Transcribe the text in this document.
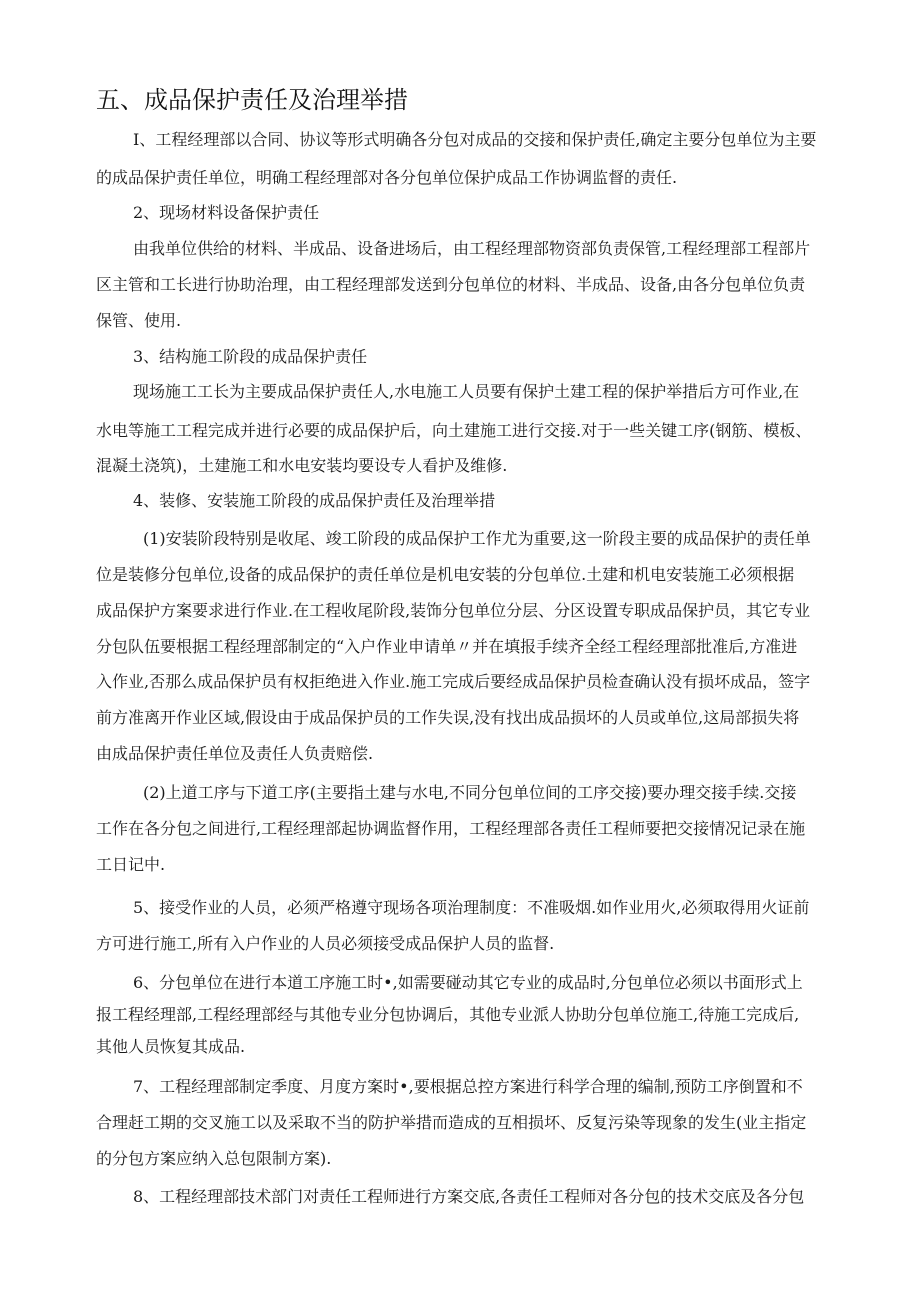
五、成品保护责任及治理举措
I、工程经理部以合同、协议等形式明确各分包对成品的交接和保护责任,确定主要分包单位为主要
的成品保护责任单位，明确工程经理部对各分包单位保护成品工作协调监督的责任.
2、现场材料设备保护责任
由我单位供给的材料、半成品、设备进场后，由工程经理部物资部负责保管,工程经理部工程部片
区主管和工长进行协助治理，由工程经理部发送到分包单位的材料、半成品、设备,由各分包单位负责
保管、使用.
3、结构施工阶段的成品保护责任
现场施工工长为主要成品保护责任人,水电施工人员要有保护土建工程的保护举措后方可作业,在
水电等施工工程完成并进行必要的成品保护后，向土建施工进行交接.对于一些关键工序(钢筋、模板、
混凝土浇筑)，土建施工和水电安装均要设专人看护及维修.
4、装修、安装施工阶段的成品保护责任及治理举措
(1)安装阶段特别是收尾、竣工阶段的成品保护工作尤为重要,这一阶段主要的成品保护的责任单
位是装修分包单位,设备的成品保护的责任单位是机电安装的分包单位.土建和机电安装施工必须根据
成品保护方案要求进行作业.在工程收尾阶段,装饰分包单位分层、分区设置专职成品保护员，其它专业
分包队伍要根据工程经理部制定的“入户作业申请单〃并在填报手续齐全经工程经理部批准后,方准进
入作业,否那么成品保护员有权拒绝进入作业.施工完成后要经成品保护员检查确认没有损坏成品，签字
前方准离开作业区域,假设由于成品保护员的工作失误,没有找出成品损坏的人员或单位,这局部损失将
由成品保护责任单位及责任人负责赔偿.
(2)上道工序与下道工序(主要指土建与水电,不同分包单位间的工序交接)要办理交接手续.交接
工作在各分包之间进行,工程经理部起协调监督作用，工程经理部各责任工程师要把交接情况记录在施
工日记中.
5、接受作业的人员，必须严格遵守现场各项治理制度：不准吸烟.如作业用火,必须取得用火证前
方可进行施工,所有入户作业的人员必须接受成品保护人员的监督.
6、分包单位在进行本道工序施工时•,如需要碰动其它专业的成品时,分包单位必须以书面形式上
报工程经理部,工程经理部经与其他专业分包协调后，其他专业派人协助分包单位施工,待施工完成后,
其他人员恢复其成品.
7、工程经理部制定季度、月度方案时•,要根据总控方案进行科学合理的编制,预防工序倒置和不
合理赶工期的交叉施工以及采取不当的防护举措而造成的互相损坏、反复污染等现象的发生(业主指定
的分包方案应纳入总包限制方案).
8、工程经理部技术部门对责任工程师进行方案交底,各责任工程师对各分包的技术交底及各分包
